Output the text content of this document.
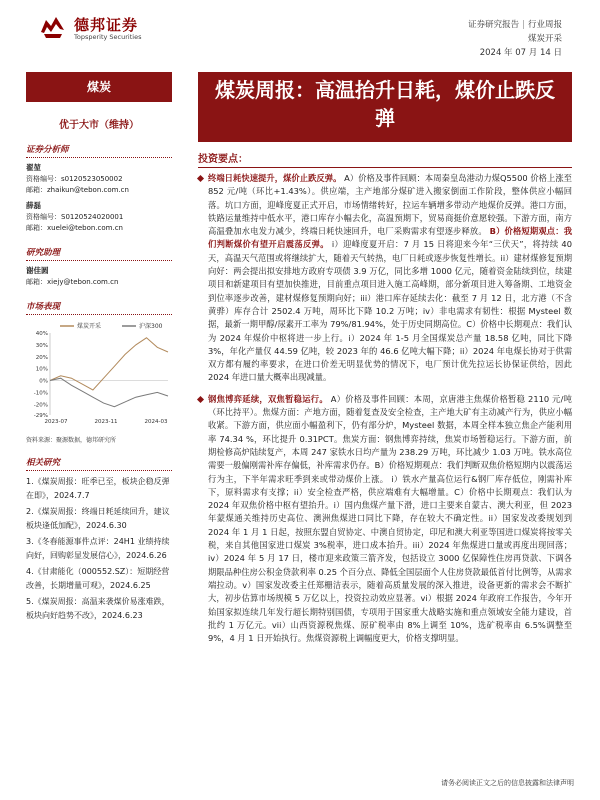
德邦证券
Topsperity Securities
证券研究报告 | 行业周报
煤炭开采
2024 年 07 月 14 日
煤炭
优于大市（维持）
证券分析师
翟堃
资格编号：s0120523050002
邮箱：zhaikun@tebon.com.cn
薛磊
资格编号：S0120524020001
邮箱：xuelei@tebon.com.cn
研究助理
谢佳圆
邮箱：xiejy@tebon.com.cn
市场表现
40%
30%
20%
10%
0%
-10%
-20%
-29%
2023-07	2023-11	2024-03
煤炭开采	沪深300
资料来源：聚源数据，德邦研究所
相关研究
1.《煤炭周报：旺季已至，板块企稳反弹在即》，2024.7.7
2.《煤炭周报：终端日耗延续回升，建议板块逢低加配》，2024.6.30
3.《冬春能源事件点评：24H1 业绩持续向好，回购彰显发展信心》，2024.6.26
4.《甘肃能化（000552.SZ）：短期经营改善，长期增量可观》，2024.6.25
5.《煤炭周报：高温来袭煤价易涨难跌，板块向好趋势不改》，2024.6.23
煤炭周报：高温抬升日耗，煤价止跌反弹
投资要点：
终端日耗快速提升，煤价止跌反弹。 A）价格及事件回顾：本周秦皇岛港动力煤Q5500 价格上涨至 852 元/吨（环比+1.43%）。供应端，主产地部分煤矿进入搬家倒面工作阶段，整体供应小幅回落。坑口方面，迎峰度夏正式开启，市场情绪转好，拉运车辆增多带动产地煤价反弹。港口方面，铁路运量维持中低水平，港口库存小幅去化，高温预期下，贸易商挺价意愿较强。下游方面，南方高温叠加水电发力减少，终端日耗快速回升，电厂采购需求有望逐步释放。 B）价格短期观点：我们判断煤价有望开启震荡反弹。 i）迎峰度夏开启：7 月 15 日将迎来今年“三伏天”，将持续 40 天，高温天气范围或将继续扩大，随着天气转热，电厂日耗或逐步恢复性增长。ii）建材煤修复预期向好：两会提出拟安排地方政府专项债 3.9 万亿，同比多增 1000 亿元，随着资金陆续到位，续建项目和新建项目有望加快推进，目前重点项目进入施工高峰期，部分新项目进入筹备期、工地资金到位率逐步改善，建材煤修复预期向好；iii）港口库存延续去化：截至 7 月 12 日，北方港（不含黄骅）库存合计 2502.4 万吨，周环比下降 10.2 万吨；iv）非电需求有韧性：根据 Mysteel 数据，最新一期甲醇/尿素开工率为 79%/81.94%，处于历史同期高位。C）价格中长期观点：我们认为 2024 年煤价中枢将进一步上行。i）2024 年 1-5 月全国煤炭总产量 18.58 亿吨，同比下降 3%，年化产量仅 44.59 亿吨，较 2023 年的 46.6 亿吨大幅下降；ii）2024 年电煤长协对于供需双方都有履约率要求，在进口价差无明显优势的情况下，电厂预计优先拉运长协保证供给，因此 2024 年进口量大概率出现减量。
钢焦博弈延续，双焦暂稳运行。 A）价格及事件回顾：本周，京唐港主焦煤价格暂稳 2110 元/吨（环比持平）。焦煤方面：产地方面，随着复查及安全检查，主产地大矿有主动减产行为，供应小幅收紧。下游方面，供应面小幅盈利下，仍有部分炉，Mysteel 数据，本周全样本独立焦企产能利用率 74.34 %，环比提升 0.31PCT。焦炭方面：钢焦博弈持续，焦炭市场暂稳运行。下游方面，前期检修高炉陆续复产，本周 247 家铁水日均产量为 238.29 万吨，环比减少 1.03 万吨。铁水高位需要一般偏刚需补库存偏低，补库需求仍存。B）价格短期观点：我们判断双焦价格短期内以震荡运行为主，下半年需求旺季到来或带动煤价上涨。 i）铁水产量高位运行&钢厂库存低位，刚需补库下，原料需求有支撑；ii）安全检查严格，供应端难有大幅增量。C）价格中长期观点：我们认为 2024 年双焦价格中枢有望抬升。i）国内焦煤产量下滑，进口主要来自蒙古、澳大利亚，但 2023 年蒙煤通关维持历史高位、澳洲焦煤进口同比下降，存在较大不确定性。ii）国家发改委规划到 2024 年 1 月 1 日起，按照东盟自贸协定、中澳自贸协定，印尼和澳大利亚等国进口煤炭将按零关税，来自其他国家进口煤炭 3%税率，进口成本抬升。iii）2024 年焦煤进口量或再度出现回落；iv）2024 年 5 月 17 日，楼市迎来政策三箭齐发，包括设立 3000 亿保障性住房再贷款、下调各期限品种住房公积金贷款利率 0.25 个百分点、降低全国层面个人住房贷款最低首付比例等，从需求端拉动。v）国家发改委主任郑栅洁表示，随着高质量发展的深入推进，设备更新的需求会不断扩大，初步估算市场规模 5 万亿以上，投资拉动效应显著。vi）根据 2024 年政府工作报告，今年开始国家拟连续几年发行超长期特别国债，专项用于国家重大战略实施和重点领域安全能力建设，首批约 1 万亿元。vii）山西资源税焦煤、原矿税率由 8%上调至 10%，选矿税率由 6.5%调整至 9%，4 月 1 日开始执行。焦煤资源税上调幅度更大，价格支撑明显。
请务必阅读正文之后的信息披露和法律声明
